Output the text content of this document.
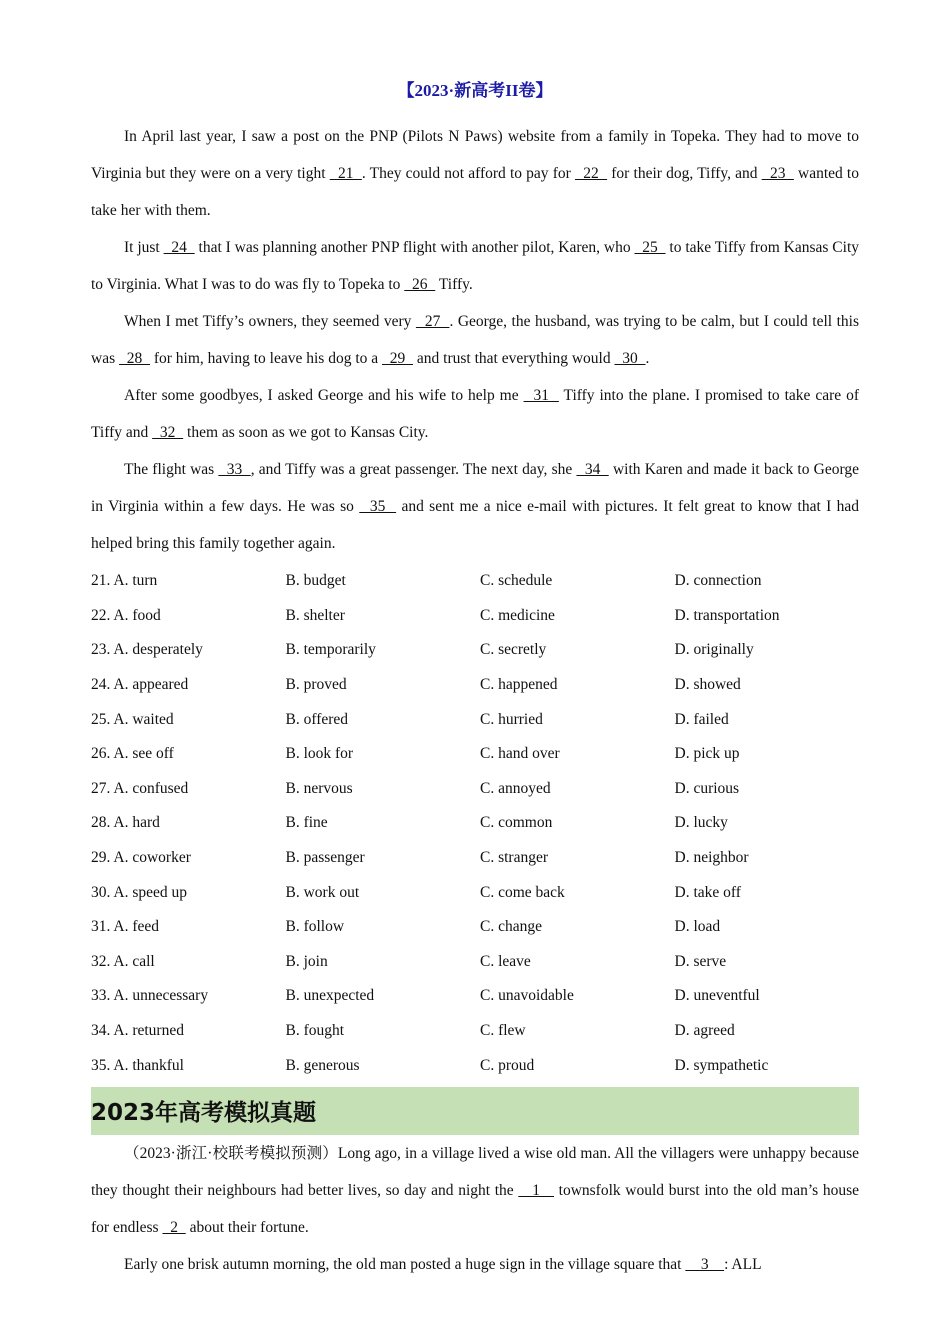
【2023·新高考II卷】

In April last year, I saw a post on the PNP (Pilots N Paws) website from a family in Topeka. They had to move to Virginia but they were on a very tight   21  . They could not afford to pay for   22   for their dog, Tiffy, and   23   wanted to take her with them.

It just   24   that I was planning another PNP flight with another pilot, Karen, who   25   to take Tiffy from Kansas City to Virginia. What I was to do was fly to Topeka to   26   Tiffy.

When I met Tiffy’s owners, they seemed very   27  . George, the husband, was trying to be calm, but I could tell this was   28   for him, having to leave his dog to a   29   and trust that everything would   30  .

After some goodbyes, I asked George and his wife to help me   31   Tiffy into the plane. I promised to take care of Tiffy and   32   them as soon as we got to Kansas City.

The flight was   33  , and Tiffy was a great passenger. The next day, she   34   with Karen and made it back to George in Virginia within a few days. He was so   35   and sent me a nice e-mail with pictures. It felt great to know that I had helped bring this family together again.

21. A. turn	B. budget	C. schedule	D. connection
22. A. food	B. shelter	C. medicine	D. transportation
23. A. desperately	B. temporarily	C. secretly	D. originally
24. A. appeared	B. proved	C. happened	D. showed
25. A. waited	B. offered	C. hurried	D. failed
26. A. see off	B. look for	C. hand over	D. pick up
27. A. confused	B. nervous	C. annoyed	D. curious
28. A. hard	B. fine	C. common	D. lucky
29. A. coworker	B. passenger	C. stranger	D. neighbor
30. A. speed up	B. work out	C. come back	D. take off
31. A. feed	B. follow	C. change	D. load
32. A. call	B. join	C. leave	D. serve
33. A. unnecessary	B. unexpected	C. unavoidable	D. uneventful
34. A. returned	B. fought	C. flew	D. agreed
35. A. thankful	B. generous	C. proud	D. sympathetic
2023年高考模拟真题

（2023·浙江·校联考模拟预测）Long ago, in a village lived a wise old man. All the villagers were unhappy because they thought their neighbours had better lives, so day and night the    1    townsfolk would burst into the old man’s house for endless   2   about their fortune.

Early one brisk autumn morning, the old man posted a huge sign in the village square that     3    : ALL
